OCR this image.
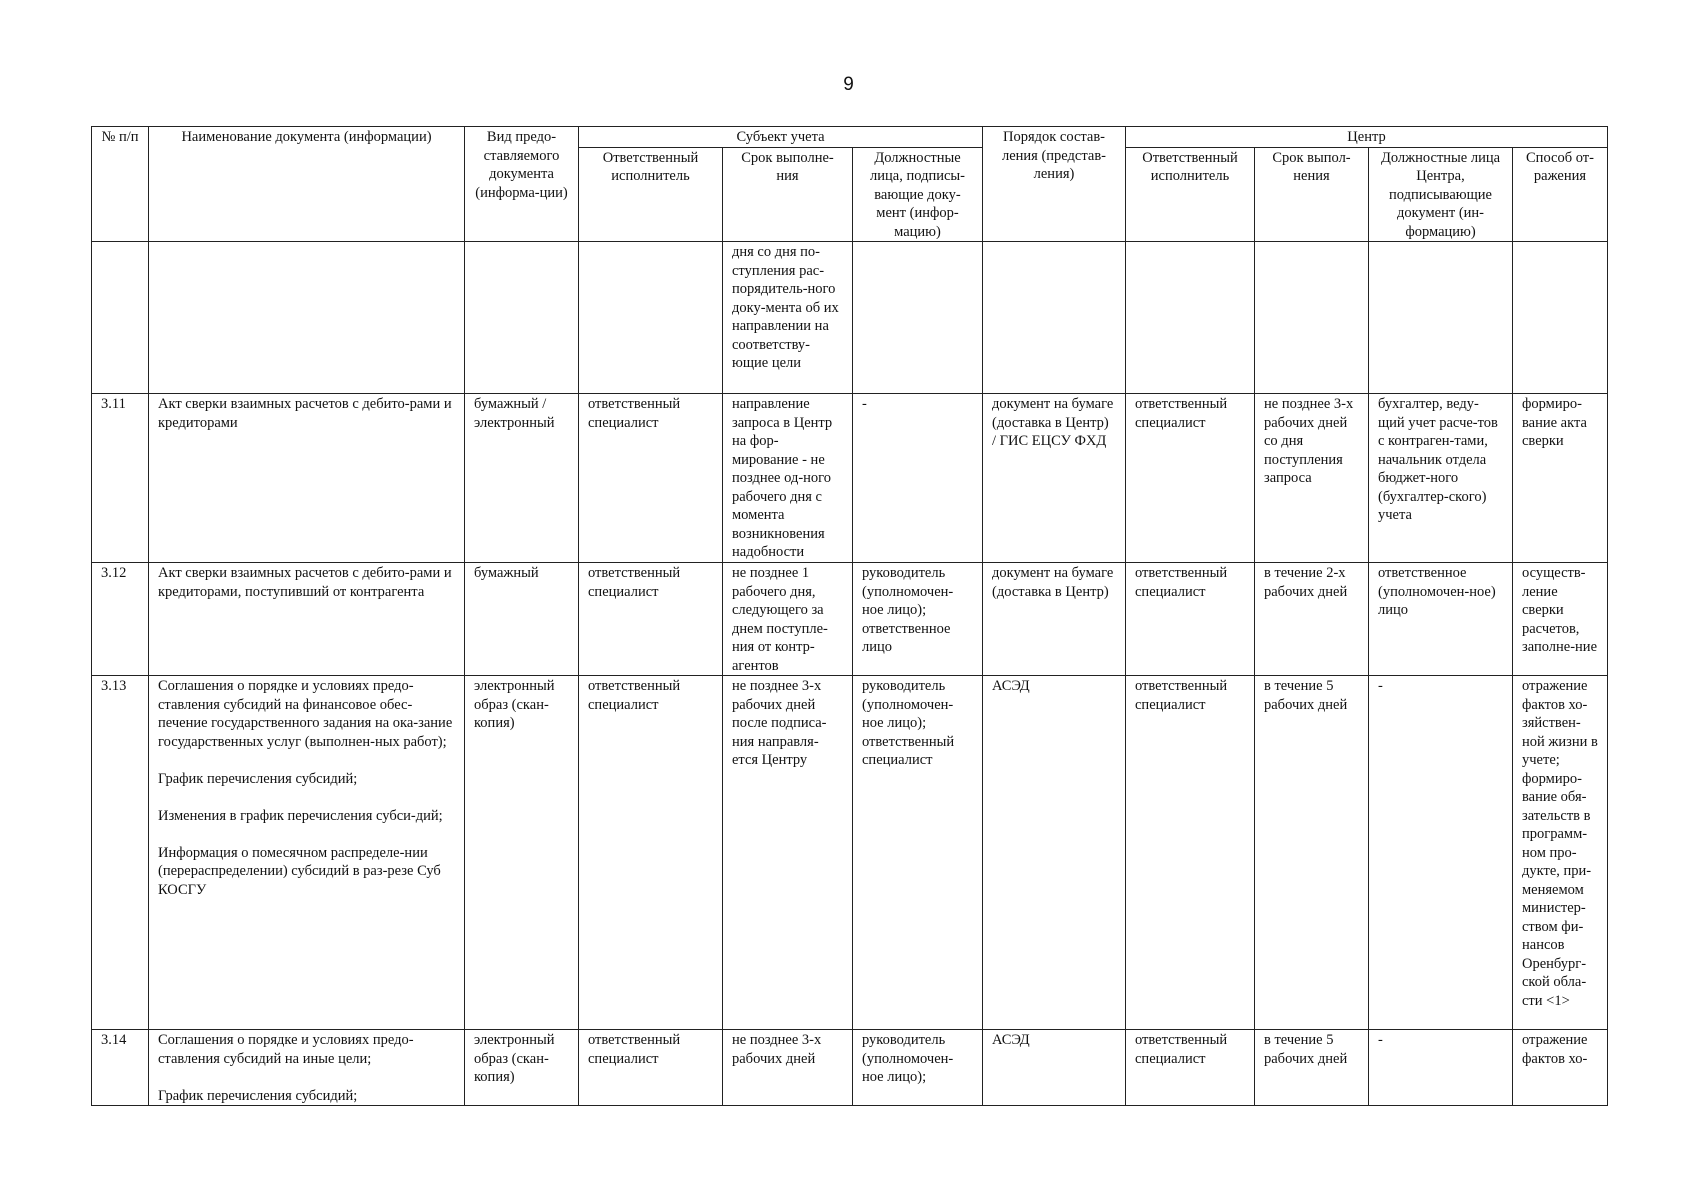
9
№ п/п	Наименование документа (информации)	Вид предо-ставляемого документа (информа-ции)	Субъект учета			Порядок состав-ления (представ-ления)	Центр			
			Ответственный исполнитель	Срок выполне-ния	Должностные лица, подписы-вающие доку-мент (инфор-мацию)		Ответственный исполнитель	Срок выпол-нения	Должностные лица Центра, подписывающие документ (ин-формацию)	Способ от-ражения
				дня со дня по-ступления рас-порядитель-ного доку-мента об их направлении на соответству-ющие цели						
3.11	Акт сверки взаимных расчетов с дебито-рами и кредиторами	бумажный / электронный	ответственный специалист	направление запроса в Центр на фор-мирование - не позднее од-ного рабочего дня с момента возникновения надобности	-	документ на бумаге (доставка в Центр) / ГИС ЕЦСУ ФХД	ответственный специалист	не позднее 3-х рабочих дней со дня поступления запроса	бухгалтер, веду-щий учет расче-тов с контраген-тами, начальник отдела бюджет-ного (бухгалтер-ского) учета	формиро-вание акта сверки
3.12	Акт сверки взаимных расчетов с дебито-рами и кредиторами, поступивший от контрагента	бумажный	ответственный специалист	не позднее 1 рабочего дня, следующего за днем поступле-ния от контр-агентов	руководитель (уполномочен-ное лицо); ответственное лицо	документ на бумаге (доставка в Центр)	ответственный специалист	в течение 2-х рабочих дней	ответственное (уполномочен-ное) лицо	осуществ-ление сверки расчетов, заполне-ние
3.13	Соглашения о порядке и условиях предо-ставления субсидий на финансовое обес-печение государственного задания на ока-зание государственных услуг (выполнен-ных работ);
График перечисления субсидий;
Изменения в график перечисления субси-дий;
Информация о помесячном распределе-нии (перераспределении) субсидий в раз-резе Суб КОСГУ	электронный образ (скан-копия)	ответственный специалист	не позднее 3-х рабочих дней после подписа-ния направля-ется Центру	руководитель (уполномочен-ное лицо); ответственный специалист	АСЭД	ответственный специалист	в течение 5 рабочих дней	-	отражение фактов хо-зяйствен-ной жизни в учете; формиро-вание обя-зательств в программ-ном про-дукте, при-меняемом министер-ством фи-нансов Оренбург-ской обла-сти <1>
3.14	Соглашения о порядке и условиях предо-ставления субсидий на иные цели;
График перечисления субсидий;	электронный образ (скан-копия)	ответственный специалист	не позднее 3-х рабочих дней	руководитель (уполномочен-ное лицо);	АСЭД	ответственный специалист	в течение 5 рабочих дней	-	отражение фактов хо-
